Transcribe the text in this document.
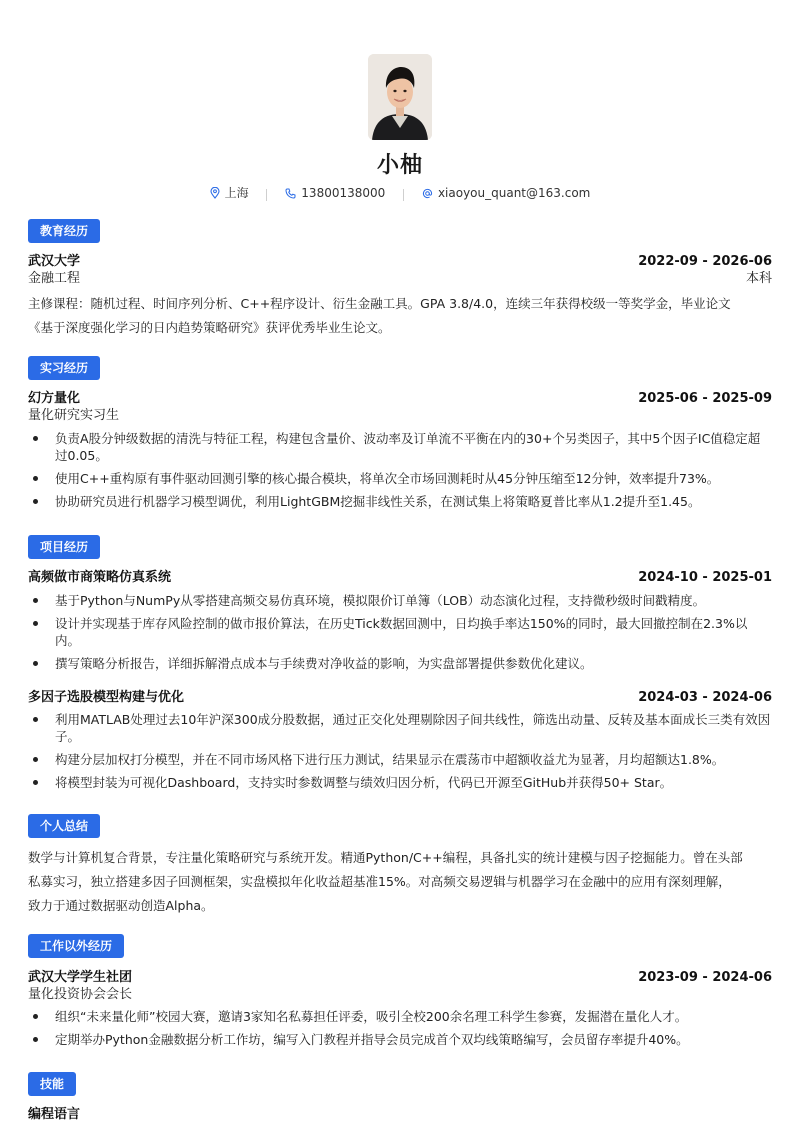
小柚
上海
	13800138000
	xiaoyou_quant@163.com
教育经历
武汉大学	2022-09 - 2026-06
金融工程	本科
主修课程：随机过程、时间序列分析、C++程序设计、衍生金融工具。GPA 3.8/4.0，连续三年获得校级一等奖学金，毕业论文
《基于深度强化学习的日内趋势策略研究》获评优秀毕业生论文。
实习经历
幻方量化	2025-06 - 2025-09
量化研究实习生
负责A股分钟级数据的清洗与特征工程，构建包含量价、波动率及订单流不平衡在内的30+个另类因子，其中5个因子IC值稳定超过0.05。
使用C++重构原有事件驱动回测引擎的核心撮合模块，将单次全市场回测耗时从45分钟压缩至12分钟，效率提升73%。
协助研究员进行机器学习模型调优，利用LightGBM挖掘非线性关系，在测试集上将策略夏普比率从1.2提升至1.45。
项目经历
高频做市商策略仿真系统	2024-10 - 2025-01
基于Python与NumPy从零搭建高频交易仿真环境，模拟限价订单簿（LOB）动态演化过程，支持微秒级时间戳精度。
设计并实现基于库存风险控制的做市报价算法，在历史Tick数据回测中，日均换手率达150%的同时，最大回撤控制在2.3%以内。
撰写策略分析报告，详细拆解滑点成本与手续费对净收益的影响，为实盘部署提供参数优化建议。
多因子选股模型构建与优化	2024-03 - 2024-06
利用MATLAB处理过去10年沪深300成分股数据，通过正交化处理剔除因子间共线性，筛选出动量、反转及基本面成长三类有效因子。
构建分层加权打分模型，并在不同市场风格下进行压力测试，结果显示在震荡市中超额收益尤为显著，月均超额达1.8%。
将模型封装为可视化Dashboard，支持实时参数调整与绩效归因分析，代码已开源至GitHub并获得50+ Star。
个人总结
数学与计算机复合背景，专注量化策略研究与系统开发。精通Python/C++编程，具备扎实的统计建模与因子挖掘能力。曾在头部
私募实习，独立搭建多因子回测框架，实盘模拟年化收益超基准15%。对高频交易逻辑与机器学习在金融中的应用有深刻理解，
致力于通过数据驱动创造Alpha。
工作以外经历
武汉大学学生社团	2023-09 - 2024-06
量化投资协会会长
组织“未来量化师”校园大赛，邀请3家知名私募担任评委，吸引全校200余名理工科学生参赛，发掘潜在量化人才。
定期举办Python金融数据分析工作坊，编写入门教程并指导会员完成首个双均线策略编写，会员留存率提升40%。
技能
编程语言
